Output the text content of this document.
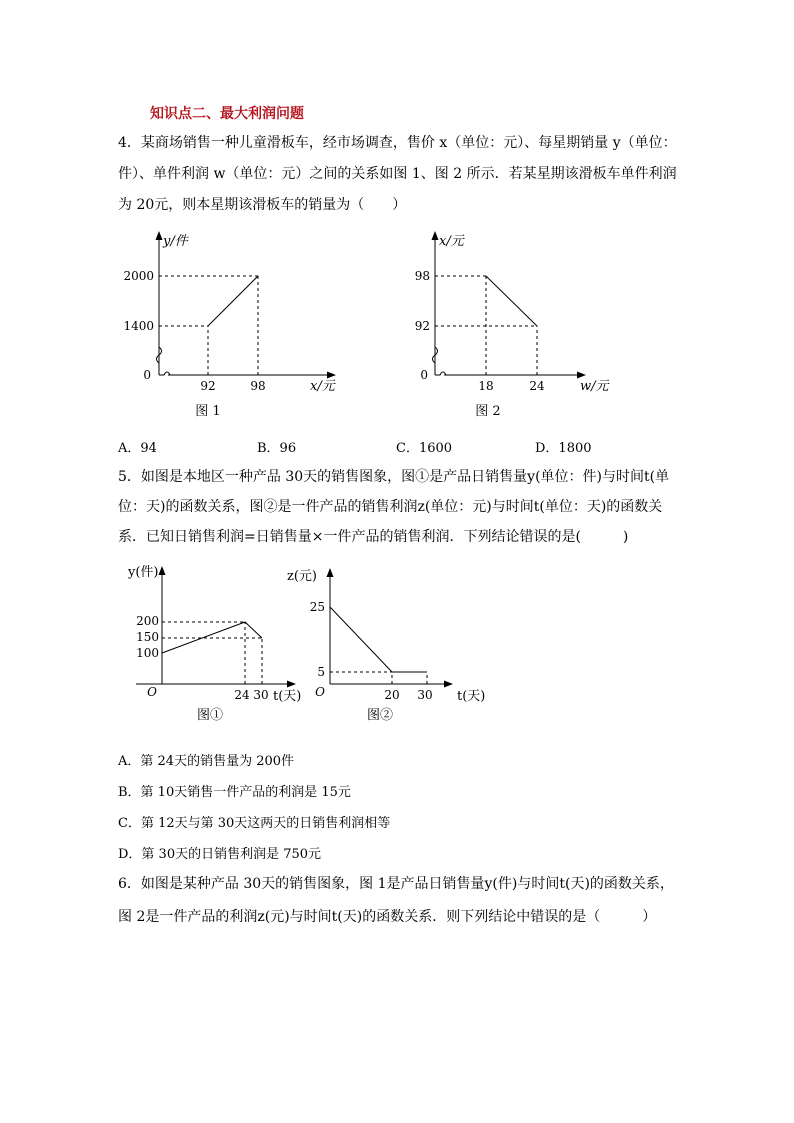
知识点二、最大利润问题
4．某商场销售一种儿童滑板车，经市场调查，售价 x（单位：元）、每星期销量 y（单位：
件）、单件利润 w（单位：元）之间的关系如图 1、图 2 所示．若某星期该滑板车单件利润
为 20元，则本星期该滑板车的销量为（　　）
y/件
2000
1400
0
92	98	x/元
图 1
x/元
98
92
0
18	24	w/元
图 2
A．94	B．96	C．1600	D．1800
5．如图是本地区一种产品 30天的销售图象，图①是产品日销售量y(单位：件)与时间t(单
位：天)的函数关系，图②是一件产品的销售利润z(单位：元)与时间t(单位：天)的函数关
系．已知日销售利润=日销售量×一件产品的销售利润．下列结论错误的是(　　　)
y(件)
200
150
100
O	24 30 t(天)
图①
z(元)
25
5
O	20 30 t(天)
图②
A．第 24天的销售量为 200件
B．第 10天销售一件产品的利润是 15元
C．第 12天与第 30天这两天的日销售利润相等
D．第 30天的日销售利润是 750元
6．如图是某种产品 30天的销售图象，图 1是产品日销售量y(件)与时间t(天)的函数关系，
图 2是一件产品的利润z(元)与时间t(天)的函数关系．则下列结论中错误的是（　　　）
